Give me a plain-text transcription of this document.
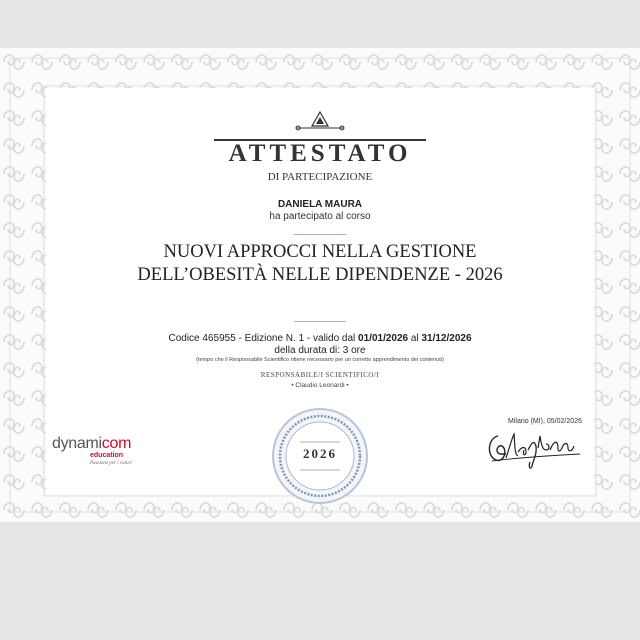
ATTESTATO
DI PARTECIPAZIONE
DANIELA MAURA
ha partecipato al corso
NUOVI APPROCCI NELLA GESTIONE
DELL’OBESITÀ NELLE DIPENDENZE - 2026
Codice 465955 - Edizione N. 1 - valido dal 01/01/2026 al 31/12/2026
della durata di: 3 ore
(tempo che il Responsabile Scientifico ritiene necessario per un corretto apprendimento dei contenuti)
RESPONSABILE/I SCIENTIFICO/I
• Claudio Leonardi •
2026
dynamicom
education
Passione per i valori
Milano (MI), 05/02/2026
